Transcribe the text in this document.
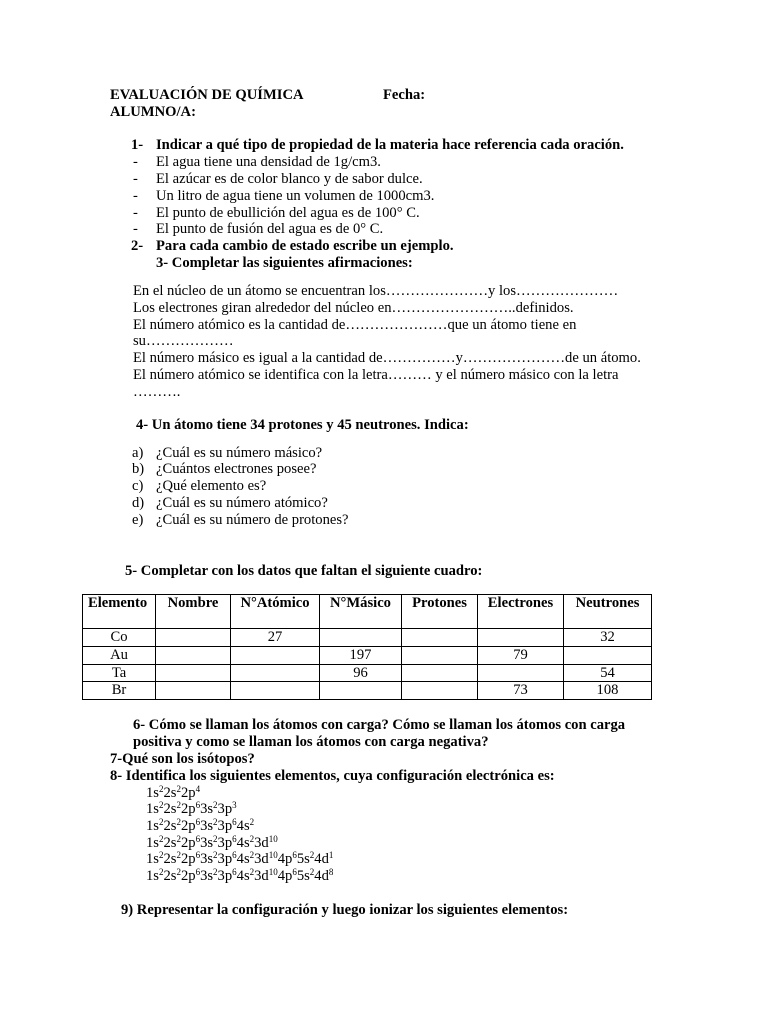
EVALUACIÓN DE QUÍMICA	Fecha:
ALUMNO/A:
1- Indicar a qué tipo de propiedad de la materia hace referencia cada oración.
- El agua tiene una densidad de 1g/cm3.
- El azúcar es de color blanco y de sabor dulce.
- Un litro de agua tiene un volumen de 1000cm3.
- El punto de ebullición del agua es de 100° C.
- El punto de fusión del agua es de 0° C.
2- Para cada cambio de estado escribe un ejemplo.
3- Completar las siguientes afirmaciones:
En el núcleo de un átomo se encuentran los…………………y los…………………
Los electrones giran alrededor del núcleo en……………………..definidos.
El número atómico es la cantidad de…………………que un átomo tiene en su………………
El número másico es igual a la cantidad de……………y…………………de un átomo.
El número atómico se identifica con la letra……… y el número másico con la letra ……….
4- Un átomo tiene 34 protones y 45 neutrones. Indica:
a) ¿Cuál es su número másico?
b) ¿Cuántos electrones posee?
c) ¿Qué elemento es?
d) ¿Cuál es su número atómico?
e) ¿Cuál es su número de protones?
5- Completar con los datos que faltan el siguiente cuadro:
Elemento	Nombre	N°Atómico	N°Másico	Protones	Electrones	Neutrones
Co		27				32
Au			197		79	
Ta			96			54
Br					73	108
6- Cómo se llaman los átomos con carga? Cómo se llaman los átomos con carga
positiva y como se llaman los átomos con carga negativa?
7-Qué son los isótopos?
8- Identifica los siguientes elementos, cuya configuración electrónica es:
$1s^22s^22p^4$
$1s^22s^22p^63s^23p^3$
$1s^22s^22p^63s^23p^64s^2$
$1s^22s^22p^63s^23p^64s^23d^{10}$
$1s^22s^22p^63s^23p^64s^23d^{10}4p^65s^24d^1$
$1s^22s^22p^63s^23p^64s^23d^{10}4p^65s^24d^8$
9) Representar la configuración y luego ionizar los siguientes elementos:
